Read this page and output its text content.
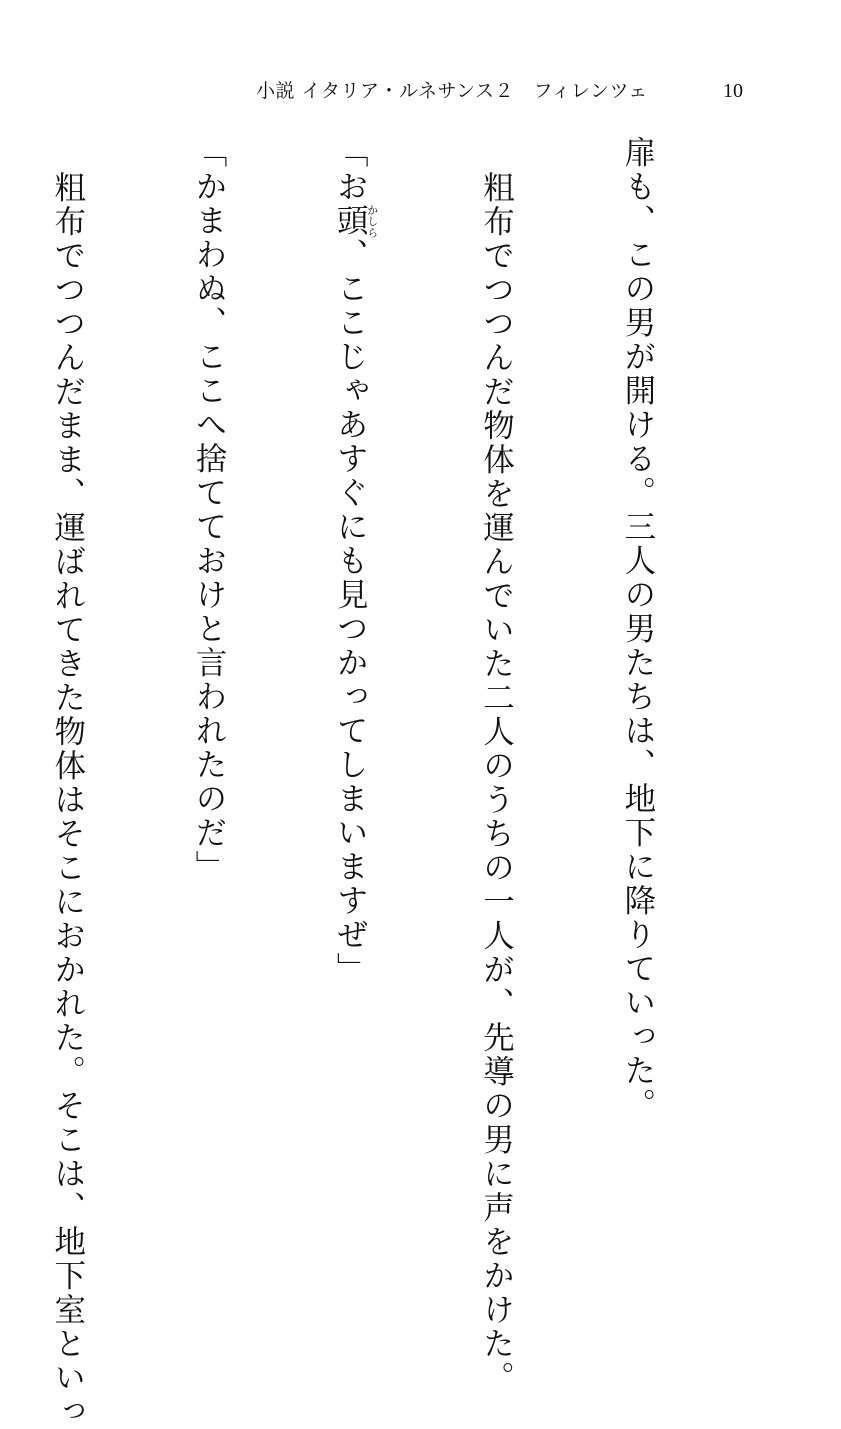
小説 イタリア・ルネサンス２　フィレンツェ	10

扉も、この男が開ける。三人の男たちは、地下に降りていった。

粗布でつつんだ物体を運んでいた二人のうちの一人が、先導の男に声をかけた。

「お頭かしら、ここじゃあすぐにも見つかってしまいますぜ」

「かまわぬ、ここへ捨てておけと言われたのだ」

粗布でつつんだまま、運ばれてきた物体はそこにおかれた。そこは、地下室といっ
